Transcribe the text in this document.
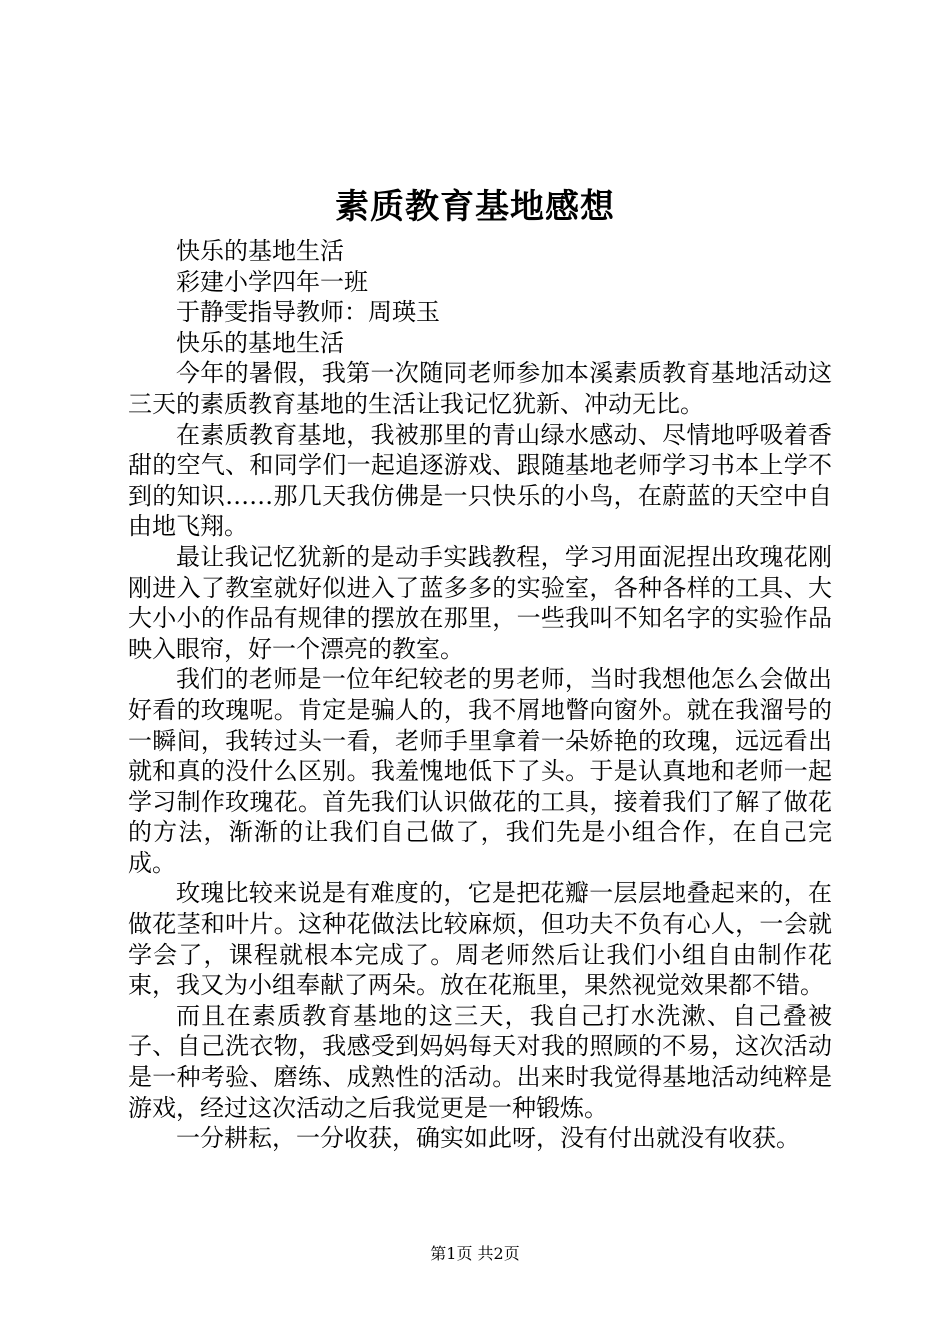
素质教育基地感想

快乐的基地生活

彩建小学四年一班

于静雯指导教师：周瑛玉

快乐的基地生活

今年的暑假，我第一次随同老师参加本溪素质教育基地活动这三天的素质教育基地的生活让我记忆犹新、冲动无比。

在素质教育基地，我被那里的青山绿水感动、尽情地呼吸着香甜的空气、和同学们一起追逐游戏、跟随基地老师学习书本上学不到的知识……那几天我仿佛是一只快乐的小鸟，在蔚蓝的天空中自由地飞翔。

最让我记忆犹新的是动手实践教程，学习用面泥捏出玫瑰花刚刚进入了教室就好似进入了蓝多多的实验室，各种各样的工具、大大小小的作品有规律的摆放在那里，一些我叫不知名字的实验作品映入眼帘，好一个漂亮的教室。

我们的老师是一位年纪较老的男老师，当时我想他怎么会做出好看的玫瑰呢。肯定是骗人的，我不屑地瞥向窗外。就在我溜号的一瞬间，我转过头一看，老师手里拿着一朵娇艳的玫瑰，远远看出就和真的没什么区别。我羞愧地低下了头。于是认真地和老师一起学习制作玫瑰花。首先我们认识做花的工具，接着我们了解了做花的方法，渐渐的让我们自己做了，我们先是小组合作，在自己完成。

玫瑰比较来说是有难度的，它是把花瓣一层层地叠起来的，在做花茎和叶片。这种花做法比较麻烦，但功夫不负有心人，一会就学会了，课程就根本完成了。周老师然后让我们小组自由制作花束，我又为小组奉献了两朵。放在花瓶里，果然视觉效果都不错。

而且在素质教育基地的这三天，我自己打水洗漱、自己叠被子、自己洗衣物，我感受到妈妈每天对我的照顾的不易，这次活动是一种考验、磨练、成熟性的活动。出来时我觉得基地活动纯粹是游戏，经过这次活动之后我觉更是一种锻炼。

一分耕耘，一分收获，确实如此呀，没有付出就没有收获。

第1页 共2页
